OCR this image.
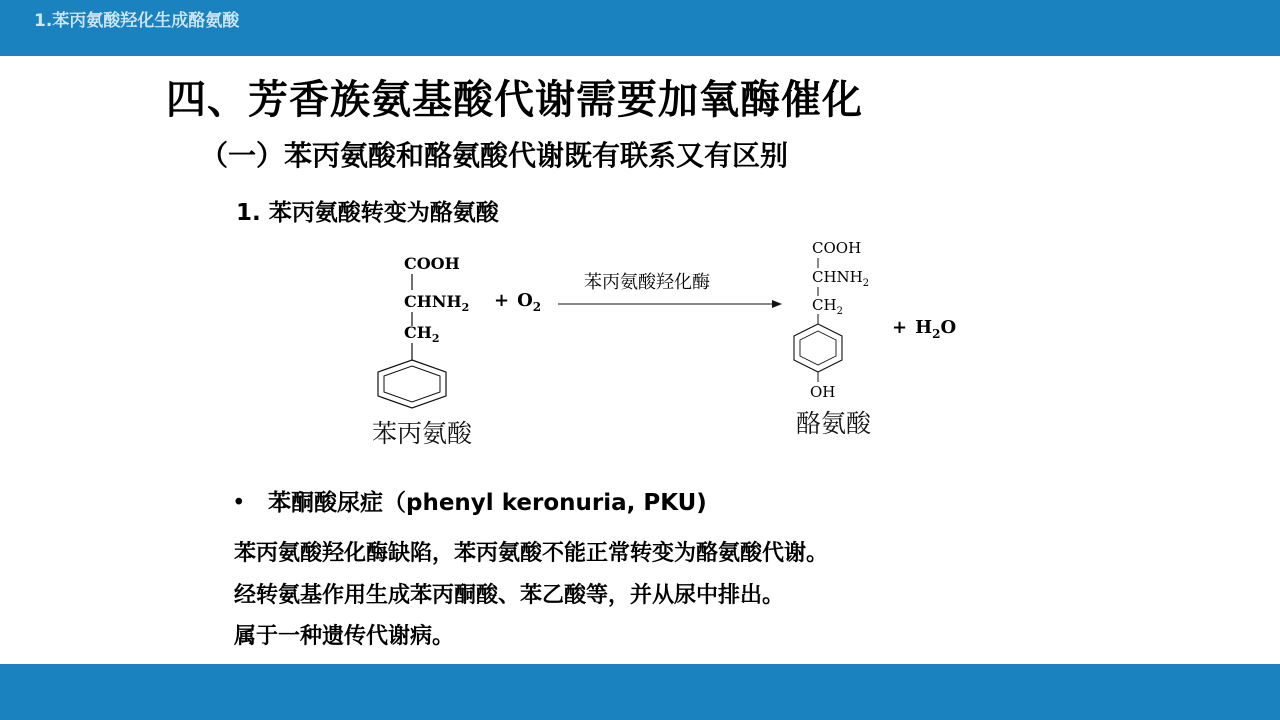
1.苯丙氨酸羟化生成酪氨酸
四、芳香族氨基酸代谢需要加氧酶催化
（一）苯丙氨酸和酪氨酸代谢既有联系又有区别
1. 苯丙氨酸转变为酪氨酸
COOH
$CHNH_2$
$CH_2$
+ $O_2$
苯丙氨酸羟化酶
COOH
$CHNH_2$
$CH_2$
OH
+ $H_2O$
苯丙氨酸	酪氨酸
• 苯酮酸尿症（phenyl keronuria, PKU)
苯丙氨酸羟化酶缺陷，苯丙氨酸不能正常转变为酪氨酸代谢。
经转氨基作用生成苯丙酮酸、苯乙酸等，并从尿中排出。
属于一种遗传代谢病。
